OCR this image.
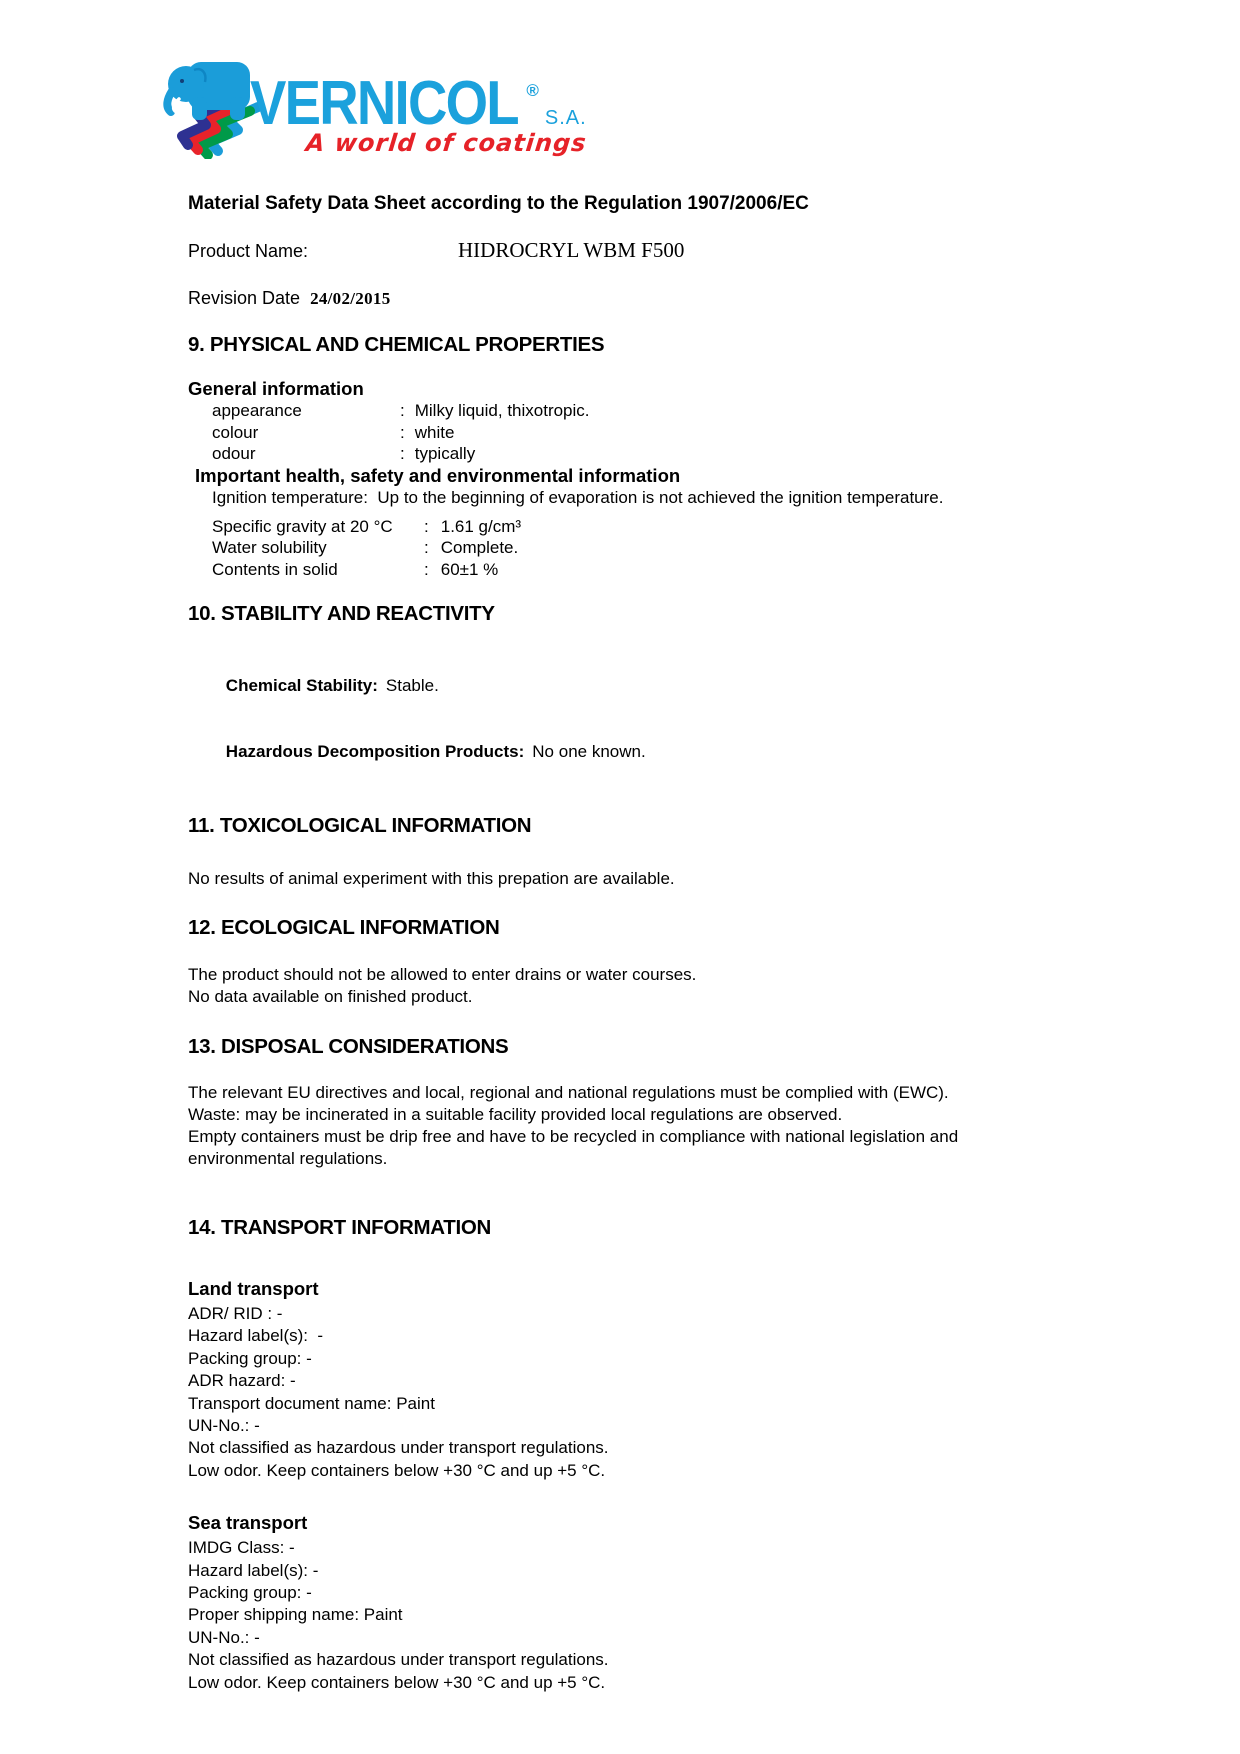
VERNICOL ®S.A.
A world of coatings
Material Safety Data Sheet according to the Regulation 1907/2006/EC
Product Name:	HIDROCRYL WBM F500
Revision Date 24/02/2015
9. PHYSICAL AND CHEMICAL PROPERTIES
General information
appearance	: Milky liquid, thixotropic.
colour	: white
odour	: typically
Important health, safety and environmental information
Ignition temperature:  Up to the beginning of evaporation is not achieved the ignition temperature.
Specific gravity at 20 °C	: 1.61 g/cm³
Water solubility	: Complete.
Contents in solid	: 60±1 %
10. STABILITY AND REACTIVITY

Chemical Stability: Stable.

Hazardous Decomposition Products: No one known.

11. TOXICOLOGICAL INFORMATION
No results of animal experiment with this prepation are available.
12. ECOLOGICAL INFORMATION
The product should not be allowed to enter drains or water courses.
No data available on finished product.
13. DISPOSAL CONSIDERATIONS
The relevant EU directives and local, regional and national regulations must be complied with (EWC).
Waste: may be incinerated in a suitable facility provided local regulations are observed.
Empty containers must be drip free and have to be recycled in compliance with national legislation and
environmental regulations.
14. TRANSPORT INFORMATION
Land transport
ADR/ RID : -
Hazard label(s):  -
Packing group: -
ADR hazard: -
Transport document name: Paint
UN-No.: -
Not classified as hazardous under transport regulations.
Low odor. Keep containers below +30 °C and up +5 °C.
Sea transport
IMDG Class: -
Hazard label(s): -
Packing group: -
Proper shipping name: Paint
UN-No.: -
Not classified as hazardous under transport regulations.
Low odor. Keep containers below +30 °C and up +5 °C.
